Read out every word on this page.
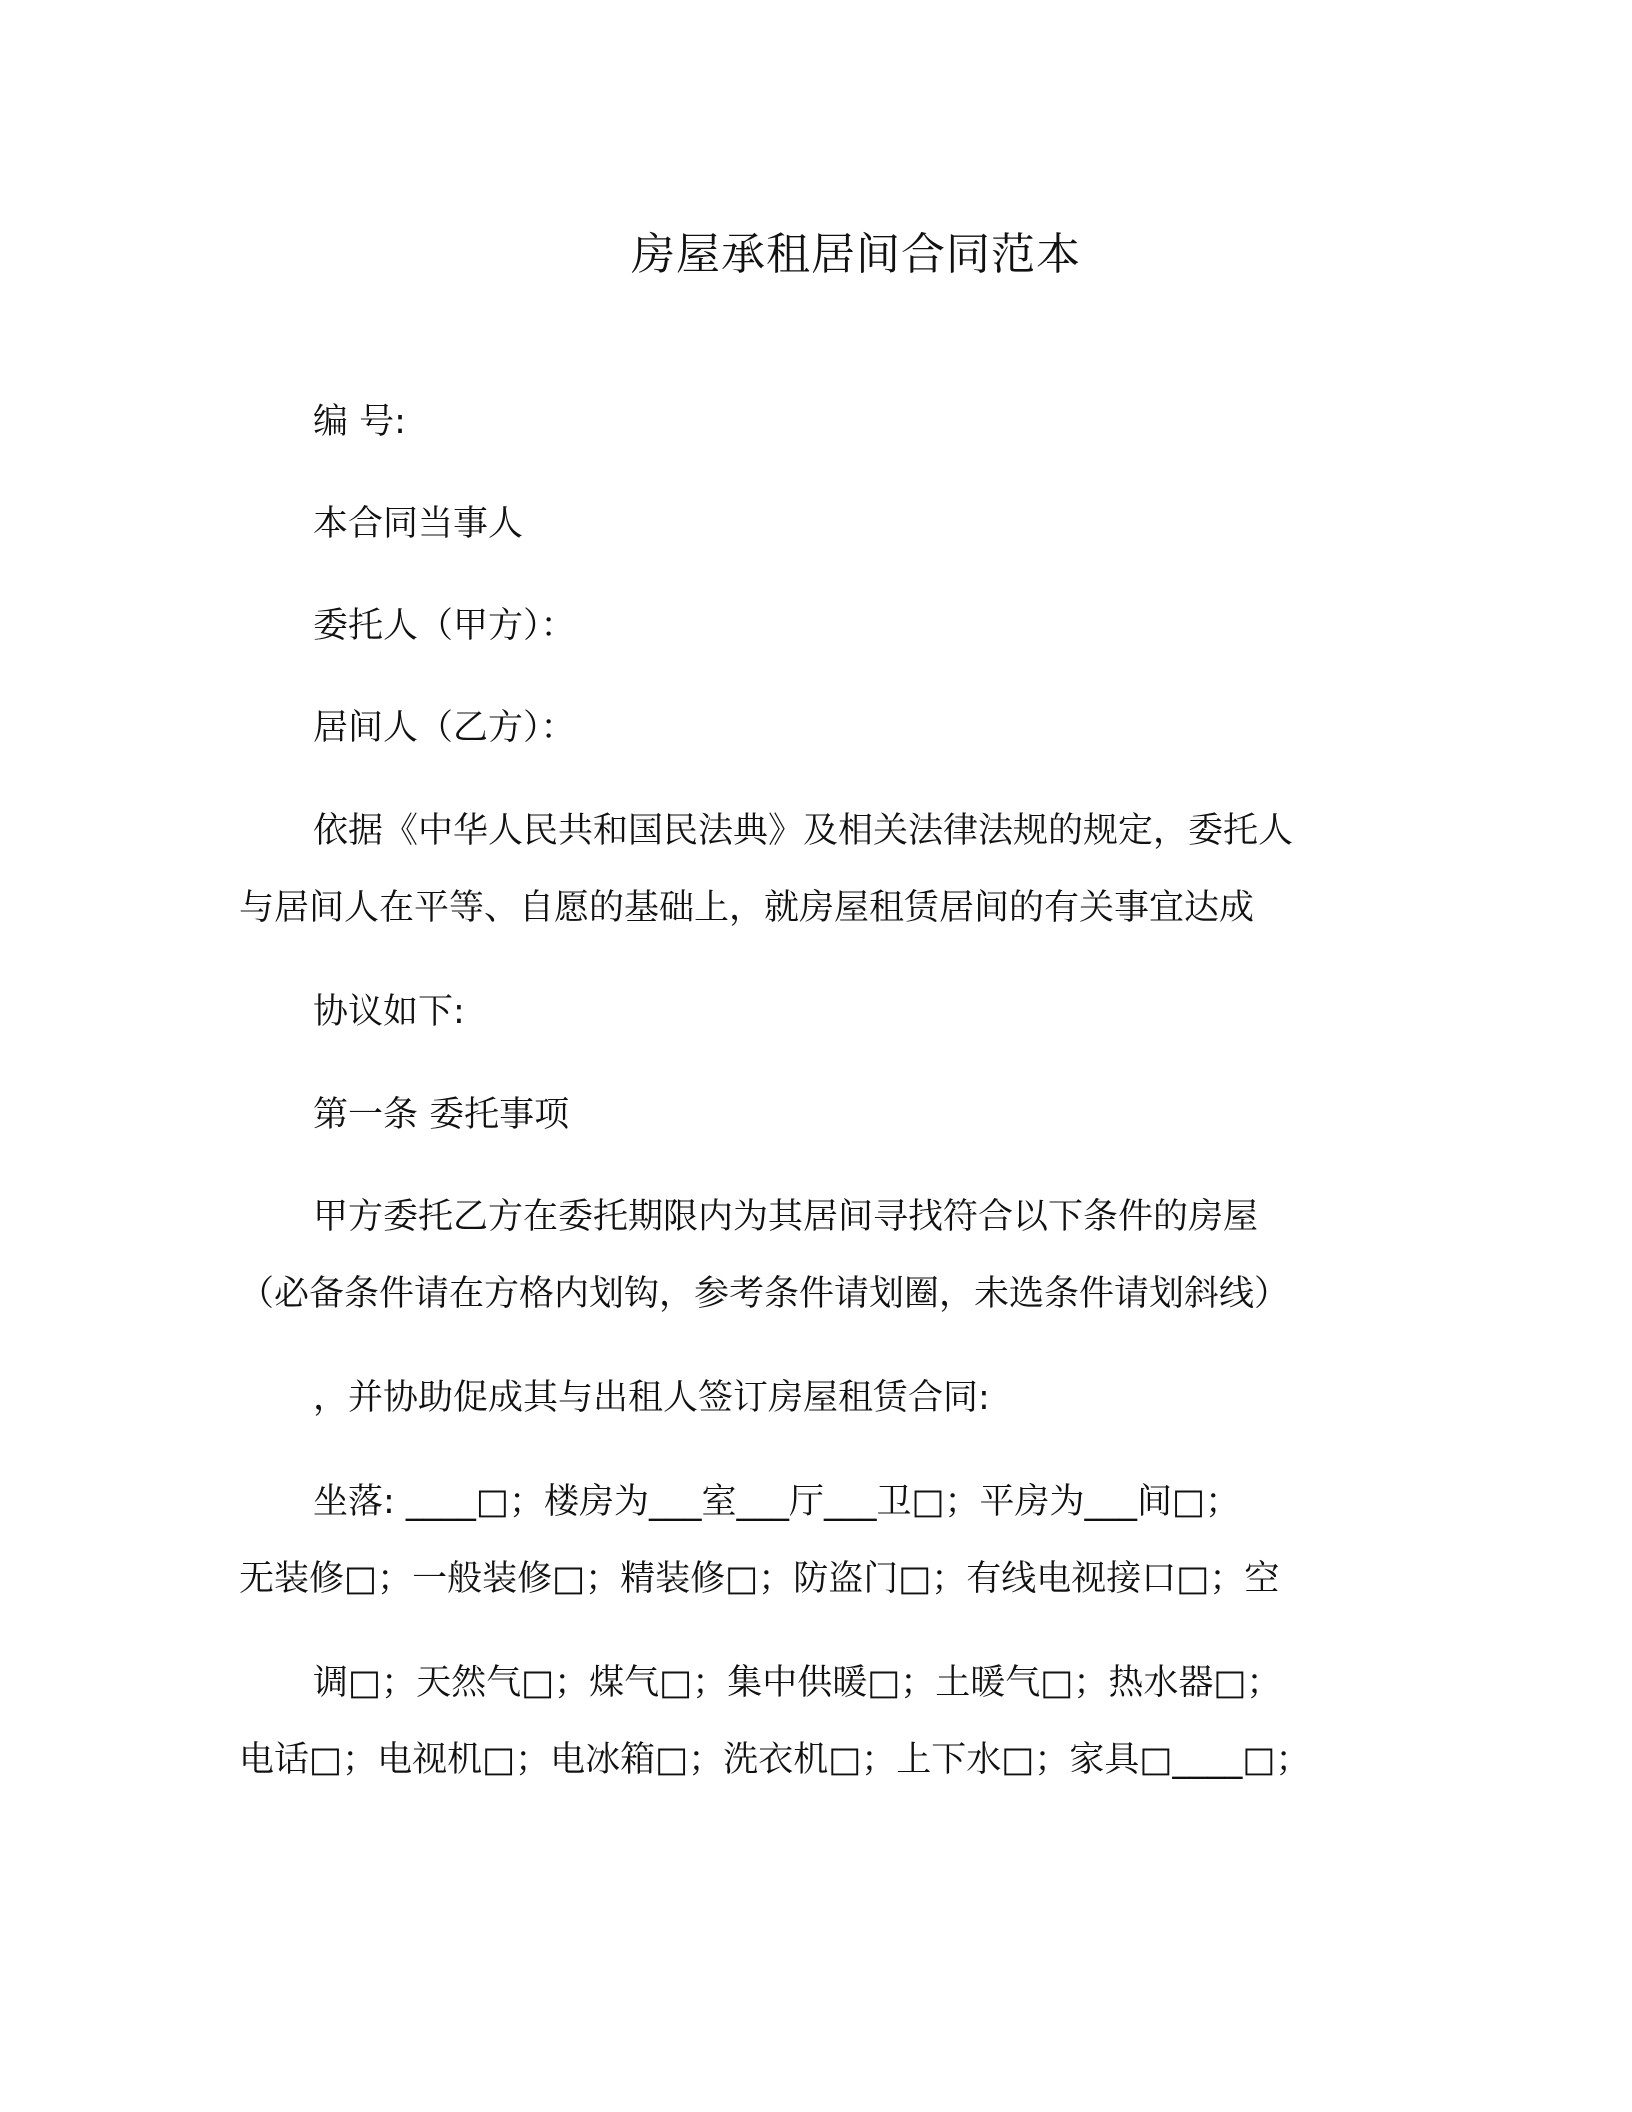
房屋承租居间合同范本
编 号:
本合同当事人
委托人（甲方）：
居间人（乙方）：
依据《中华人民共和国民法典》及相关法律法规的规定，委托人
与居间人在平等、自愿的基础上，就房屋租赁居间的有关事宜达成
协议如下:
第一条 委托事项
甲方委托乙方在委托期限内为其居间寻找符合以下条件的房屋
（必备条件请在方格内划钩，参考条件请划圈，未选条件请划斜线）
，并协助促成其与出租人签订房屋租赁合同:
坐落: ____□；楼房为___室___厅___卫□；平房为___间□；
无装修□；一般装修□；精装修□；防盗门□；有线电视接口□；空
调□；天然气□；煤气□；集中供暖□；土暖气□；热水器□；
电话□；电视机□；电冰箱□；洗衣机□；上下水□；家具□____□；
